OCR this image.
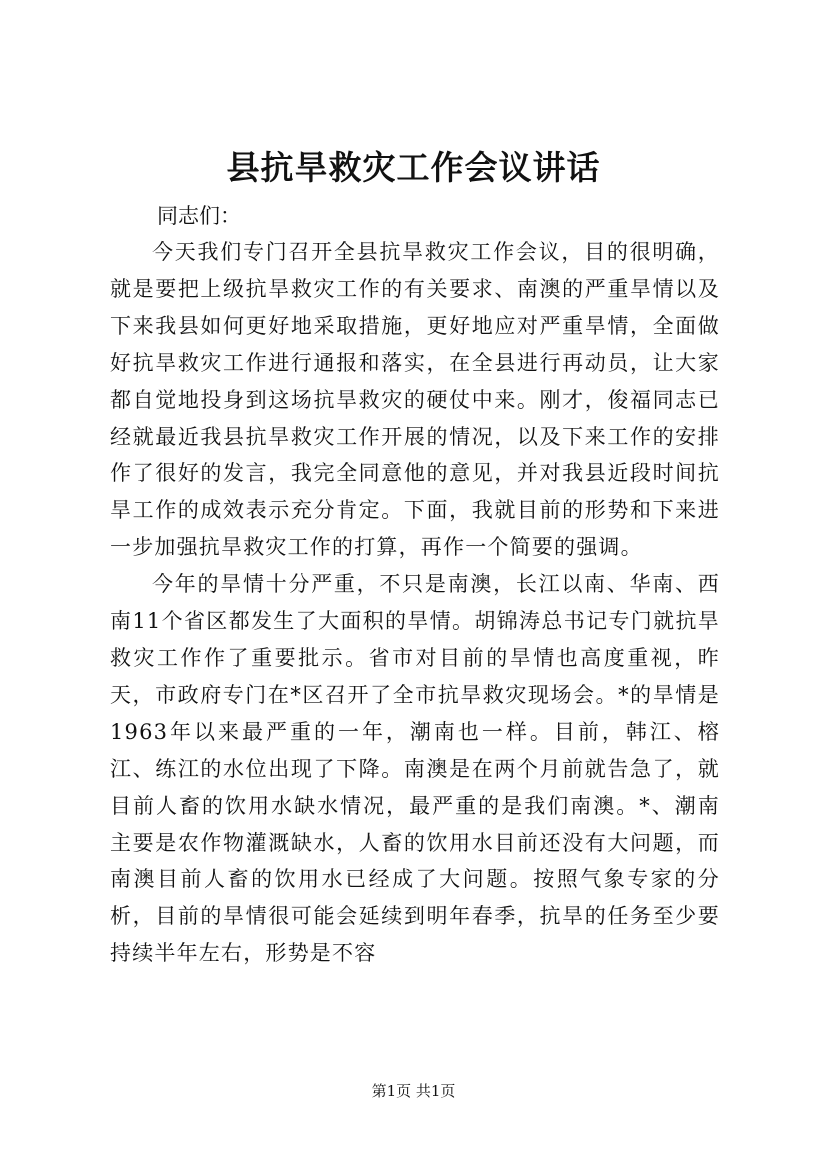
县抗旱救灾工作会议讲话
同志们：

今天我们专门召开全县抗旱救灾工作会议，目的很明确，就是要把上级抗旱救灾工作的有关要求、南澳的严重旱情以及下来我县如何更好地采取措施，更好地应对严重旱情，全面做好抗旱救灾工作进行通报和落实，在全县进行再动员，让大家都自觉地投身到这场抗旱救灾的硬仗中来。刚才，俊福同志已经就最近我县抗旱救灾工作开展的情况，以及下来工作的安排作了很好的发言，我完全同意他的意见，并对我县近段时间抗旱工作的成效表示充分肯定。下面，我就目前的形势和下来进一步加强抗旱救灾工作的打算，再作一个简要的强调。

今年的旱情十分严重，不只是南澳，长江以南、华南、西南11个省区都发生了大面积的旱情。胡锦涛总书记专门就抗旱救灾工作作了重要批示。省市对目前的旱情也高度重视，昨天，市政府专门在*区召开了全市抗旱救灾现场会。*的旱情是1963年以来最严重的一年，潮南也一样。目前，韩江、榕江、练江的水位出现了下降。南澳是在两个月前就告急了，就目前人畜的饮用水缺水情况，最严重的是我们南澳。*、潮南主要是农作物灌溉缺水，人畜的饮用水目前还没有大问题，而南澳目前人畜的饮用水已经成了大问题。按照气象专家的分析，目前的旱情很可能会延续到明年春季，抗旱的任务至少要持续半年左右，形势是不容

第1页 共1页
